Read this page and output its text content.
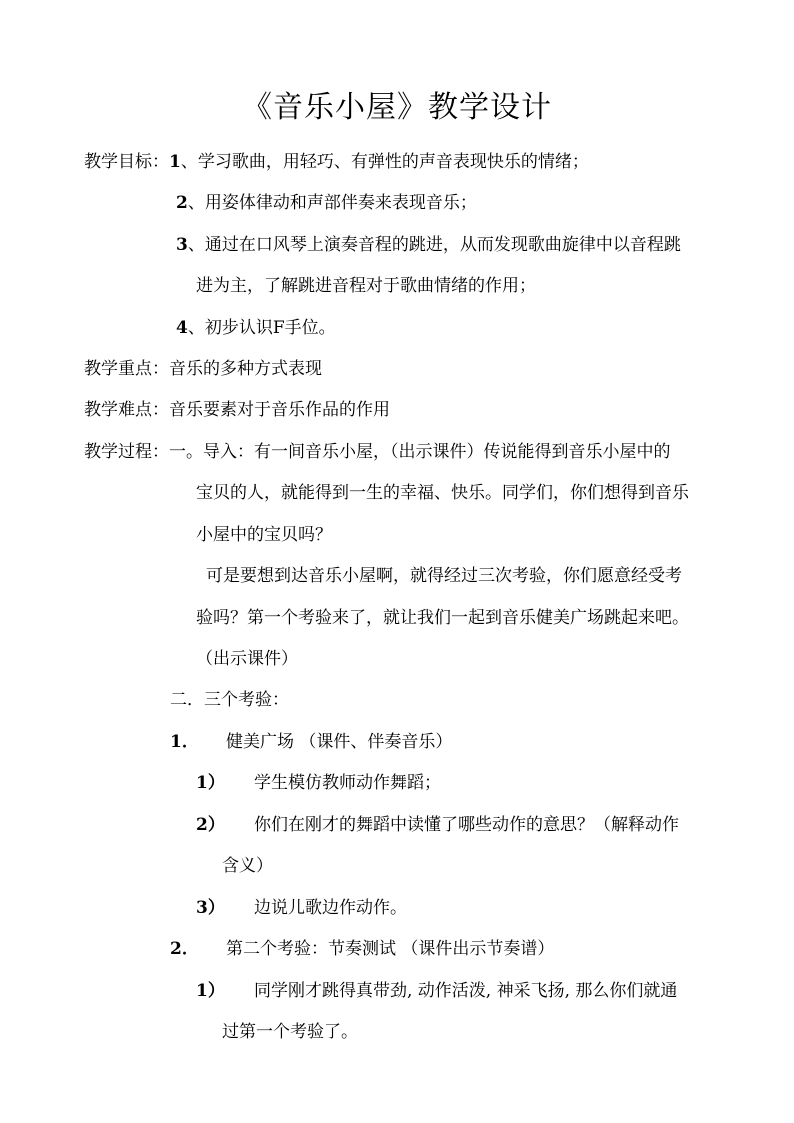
《音乐小屋》教学设计
教学目标：1、学习歌曲，用轻巧、有弹性的声音表现快乐的情绪；
2、用姿体律动和声部伴奏来表现音乐；
3、通过在口风琴上演奏音程的跳进，从而发现歌曲旋律中以音程跳
进为主，了解跳进音程对于歌曲情绪的作用；
4、初步认识F手位。
教学重点：音乐的多种方式表现
教学难点：音乐要素对于音乐作品的作用
教学过程：一。导入：有一间音乐小屋，（出示课件）传说能得到音乐小屋中的
宝贝的人，就能得到一生的幸福、快乐。同学们，你们想得到音乐
小屋中的宝贝吗？
可是要想到达音乐小屋啊，就得经过三次考验，你们愿意经受考
验吗？第一个考验来了，就让我们一起到音乐健美广场跳起来吧。
（出示课件）
二．三个考验：
1． 健美广场 （课件、伴奏音乐）
1） 学生模仿教师动作舞蹈；
2） 你们在刚才的舞蹈中读懂了哪些动作的意思？（解释动作
含义）
3） 边说儿歌边作动作。
2． 第二个考验：节奏测试 （课件出示节奏谱）
1） 同学刚才跳得真带劲, 动作活泼, 神采飞扬, 那么你们就通
过第一个考验了。
